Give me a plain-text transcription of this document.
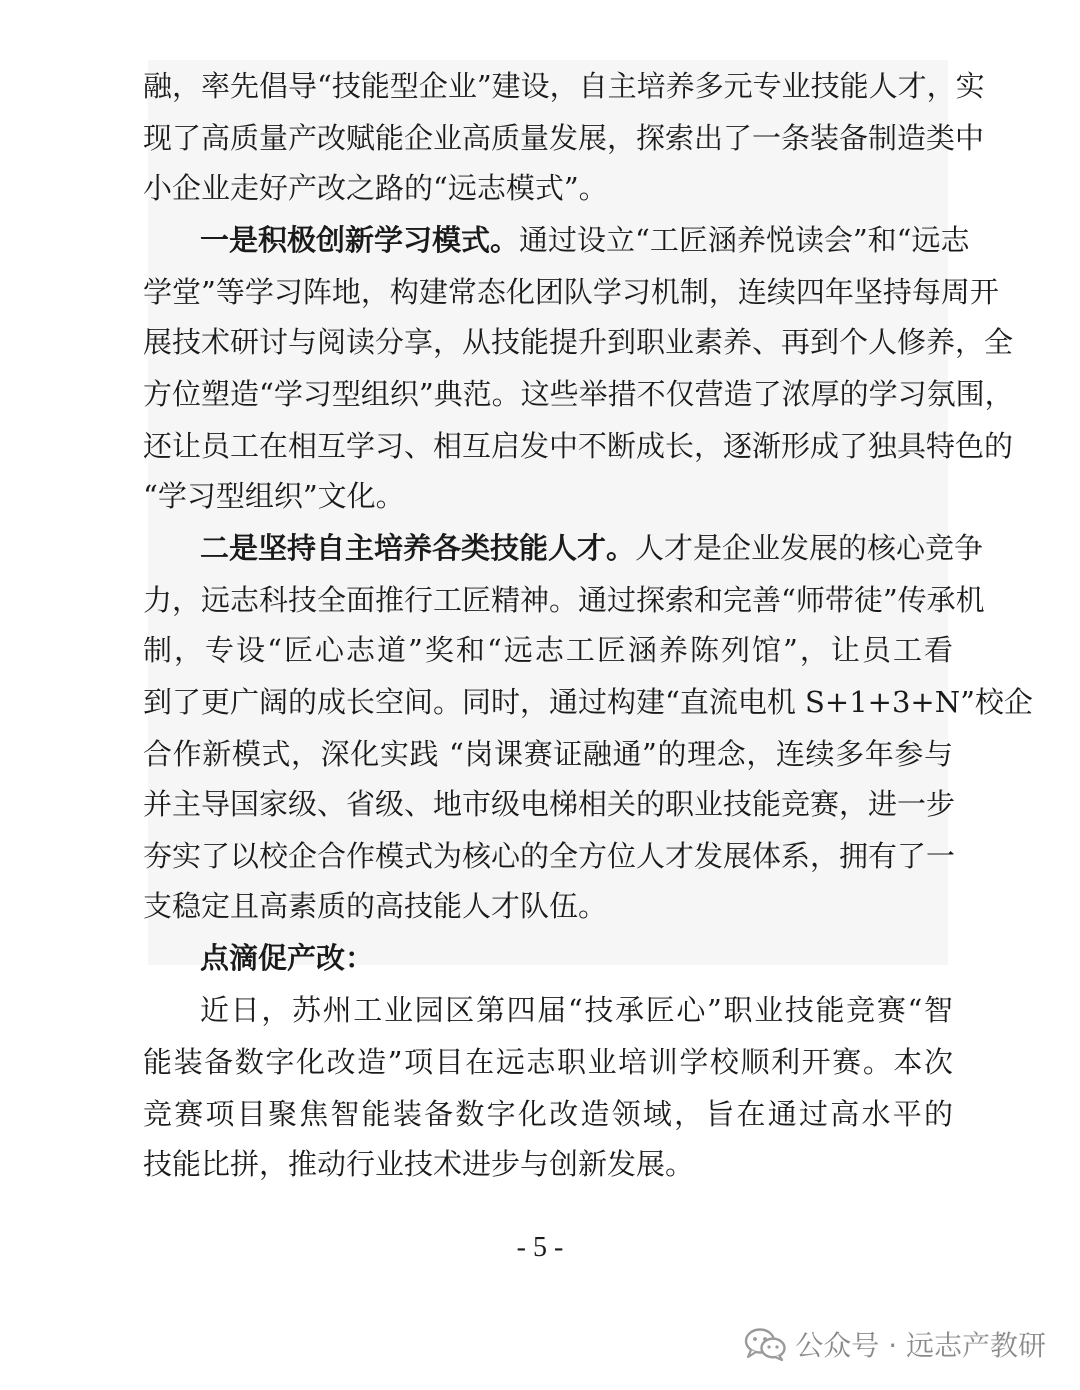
融，率先倡导“技能型企业”建设，自主培养多元专业技能人才，实
现了高质量产改赋能企业高质量发展，探索出了一条装备制造类中
小企业走好产改之路的“远志模式”。
一是积极创新学习模式。通过设立“工匠涵养悦读会”和“远志
学堂”等学习阵地，构建常态化团队学习机制，连续四年坚持每周开
展技术研讨与阅读分享，从技能提升到职业素养、再到个人修养，全
方位塑造“学习型组织”典范。这些举措不仅营造了浓厚的学习氛围，
还让员工在相互学习、相互启发中不断成长，逐渐形成了独具特色的
“学习型组织”文化。
二是坚持自主培养各类技能人才。人才是企业发展的核心竞争
力，远志科技全面推行工匠精神。通过探索和完善“师带徒”传承机
制，专设“匠心志道”奖和“远志工匠涵养陈列馆”，让员工看
到了更广阔的成长空间。同时，通过构建“直流电机 S+1+3+N”校企
合作新模式，深化实践 “岗课赛证融通”的理念，连续多年参与
并主导国家级、省级、地市级电梯相关的职业技能竞赛，进一步
夯实了以校企合作模式为核心的全方位人才发展体系，拥有了一
支稳定且高素质的高技能人才队伍。
点滴促产改：
近日，苏州工业园区第四届“技承匠心”职业技能竞赛“智
能装备数字化改造”项目在远志职业培训学校顺利开赛。本次
竞赛项目聚焦智能装备数字化改造领域，旨在通过高水平的
技能比拼，推动行业技术进步与创新发展。
- 5 -
公众号 · 远志产教研
